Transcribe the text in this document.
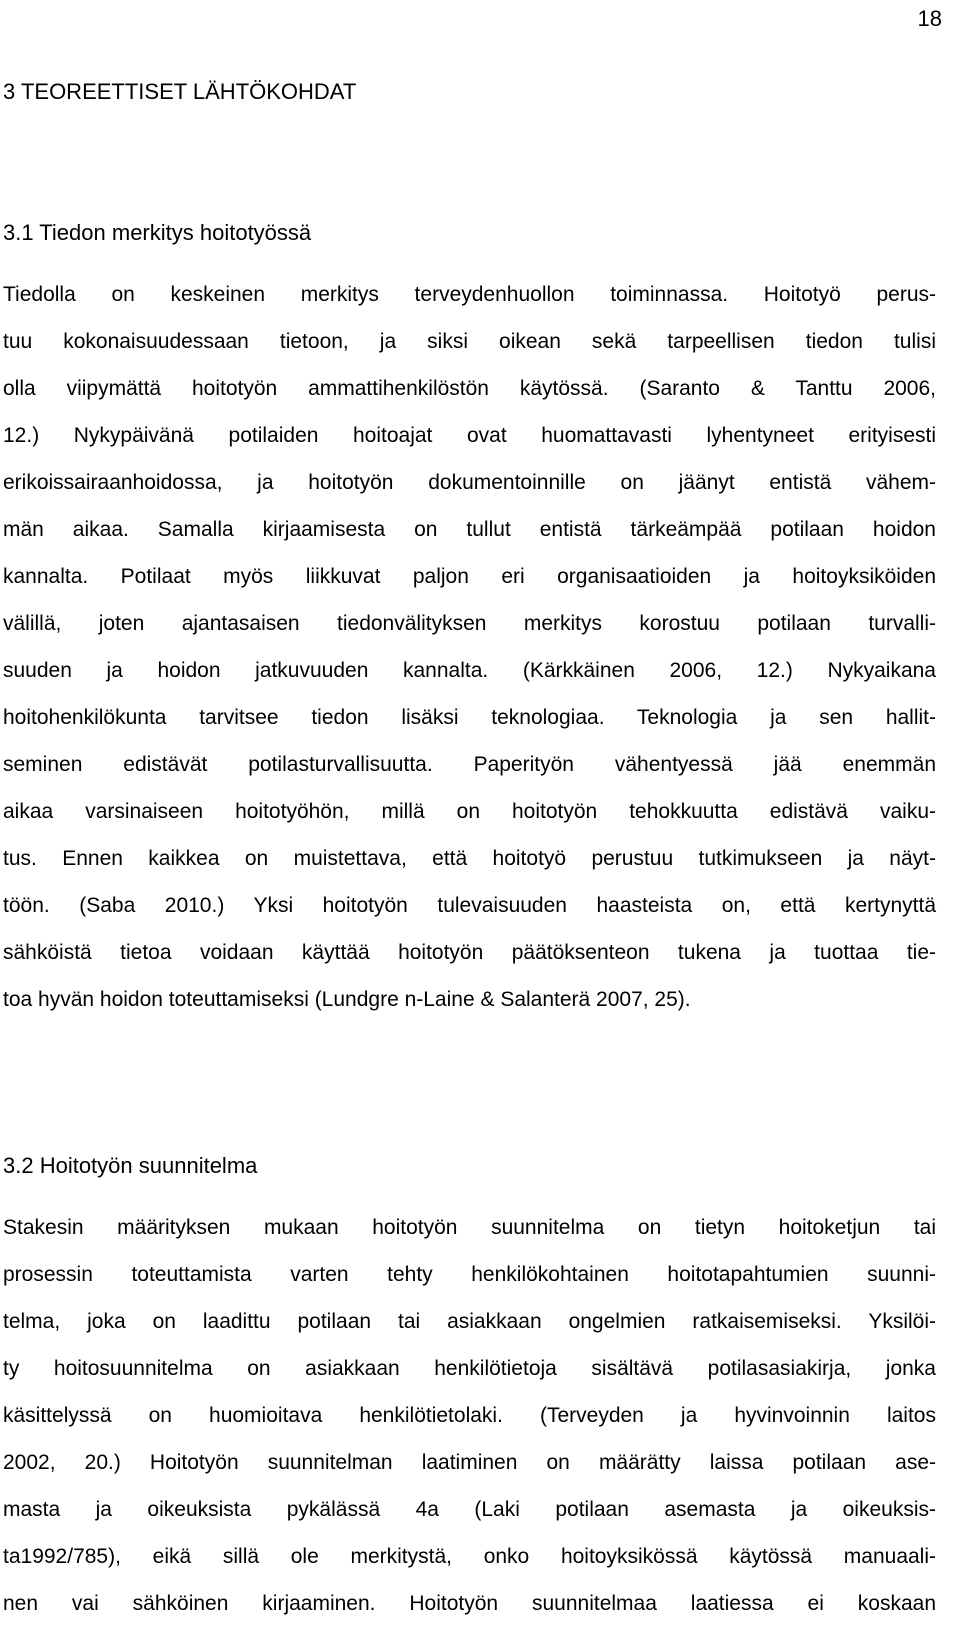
18
3 TEOREETTISET LÄHTÖKOHDAT
3.1 Tiedon merkitys hoitotyössä
Tiedolla on keskeinen merkitys terveydenhuollon toiminnassa. Hoitotyö perus-
tuu kokonaisuudessaan tietoon, ja siksi oikean sekä tarpeellisen tiedon tulisi
olla viipymättä hoitotyön ammattihenkilöstön käytössä. (Saranto & Tanttu 2006,
12.) Nykypäivänä potilaiden hoitoajat ovat huomattavasti lyhentyneet erityisesti
erikoissairaanhoidossa, ja hoitotyön dokumentoinnille on jäänyt entistä vähem-
män aikaa. Samalla kirjaamisesta on tullut entistä tärkeämpää potilaan hoidon
kannalta. Potilaat myös liikkuvat paljon eri organisaatioiden ja hoitoyksiköiden
välillä, joten ajantasaisen tiedonvälityksen merkitys korostuu potilaan turvalli-
suuden ja hoidon jatkuvuuden kannalta. (Kärkkäinen 2006, 12.) Nykyaikana
hoitohenkilökunta tarvitsee tiedon lisäksi teknologiaa. Teknologia ja sen hallit-
seminen edistävät potilasturvallisuutta. Paperityön vähentyessä jää enemmän
aikaa varsinaiseen hoitotyöhön, millä on hoitotyön tehokkuutta edistävä vaiku-
tus. Ennen kaikkea on muistettava, että hoitotyö perustuu tutkimukseen ja näyt-
töön. (Saba 2010.) Yksi hoitotyön tulevaisuuden haasteista on, että kertynyttä
sähköistä tietoa voidaan käyttää hoitotyön päätöksenteon tukena ja tuottaa tie-
toa hyvän hoidon toteuttamiseksi (Lundgre n-Laine & Salanterä 2007, 25).
3.2 Hoitotyön suunnitelma
Stakesin määrityksen mukaan hoitotyön suunnitelma on tietyn hoitoketjun tai
prosessin toteuttamista varten tehty henkilökohtainen hoitotapahtumien suunni-
telma, joka on laadittu potilaan tai asiakkaan ongelmien ratkaisemiseksi. Yksilöi-
ty hoitosuunnitelma on asiakkaan henkilötietoja sisältävä potilasasiakirja, jonka
käsittelyssä on huomioitava henkilötietolaki. (Terveyden ja hyvinvoinnin laitos
2002, 20.) Hoitotyön suunnitelman laatiminen on määrätty laissa potilaan ase-
masta ja oikeuksista pykälässä 4a (Laki potilaan asemasta ja oikeuksis-
ta1992/785), eikä sillä ole merkitystä, onko hoitoyksikössä käytössä manuaali-
nen vai sähköinen kirjaaminen. Hoitotyön suunnitelmaa laatiessa ei koskaan
